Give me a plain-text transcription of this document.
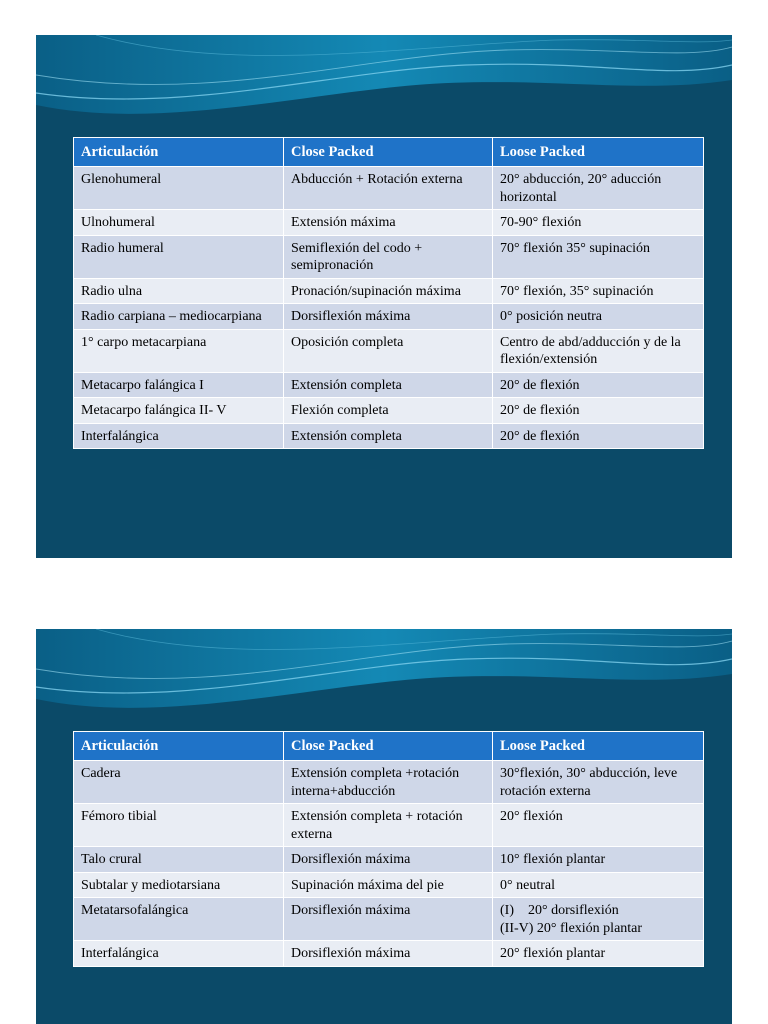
Articulación	Close Packed	Loose Packed
Glenohumeral	Abducción + Rotación externa	20° abducción, 20° aducción horizontal
Ulnohumeral	Extensión máxima	70-90° flexión
Radio humeral	Semiflexión del codo + semipronación	70° flexión 35° supinación
Radio ulna	Pronación/supinación máxima	70° flexión, 35° supinación
Radio carpiana – mediocarpiana	Dorsiflexión máxima	0° posición neutra
1° carpo metacarpiana	Oposición completa	Centro de abd/adducción y de la flexión/extensión
Metacarpo falángica I	Extensión completa	20° de flexión
Metacarpo falángica II- V	Flexión completa	20° de flexión
Interfalángica	Extensión completa	20° de flexión
Articulación	Close Packed	Loose Packed
Cadera	Extensión completa +rotación interna+abducción	30°flexión, 30° abducción, leve rotación externa
Fémoro tibial	Extensión completa + rotación externa	20° flexión
Talo crural	Dorsiflexión máxima	10° flexión plantar
Subtalar y mediotarsiana	Supinación máxima del pie	0° neutral
Metatarsofalángica	Dorsiflexión máxima	(I)    20° dorsiflexión
(II-V) 20° flexión plantar

Interfalángica	Dorsiflexión máxima	20° flexión plantar
